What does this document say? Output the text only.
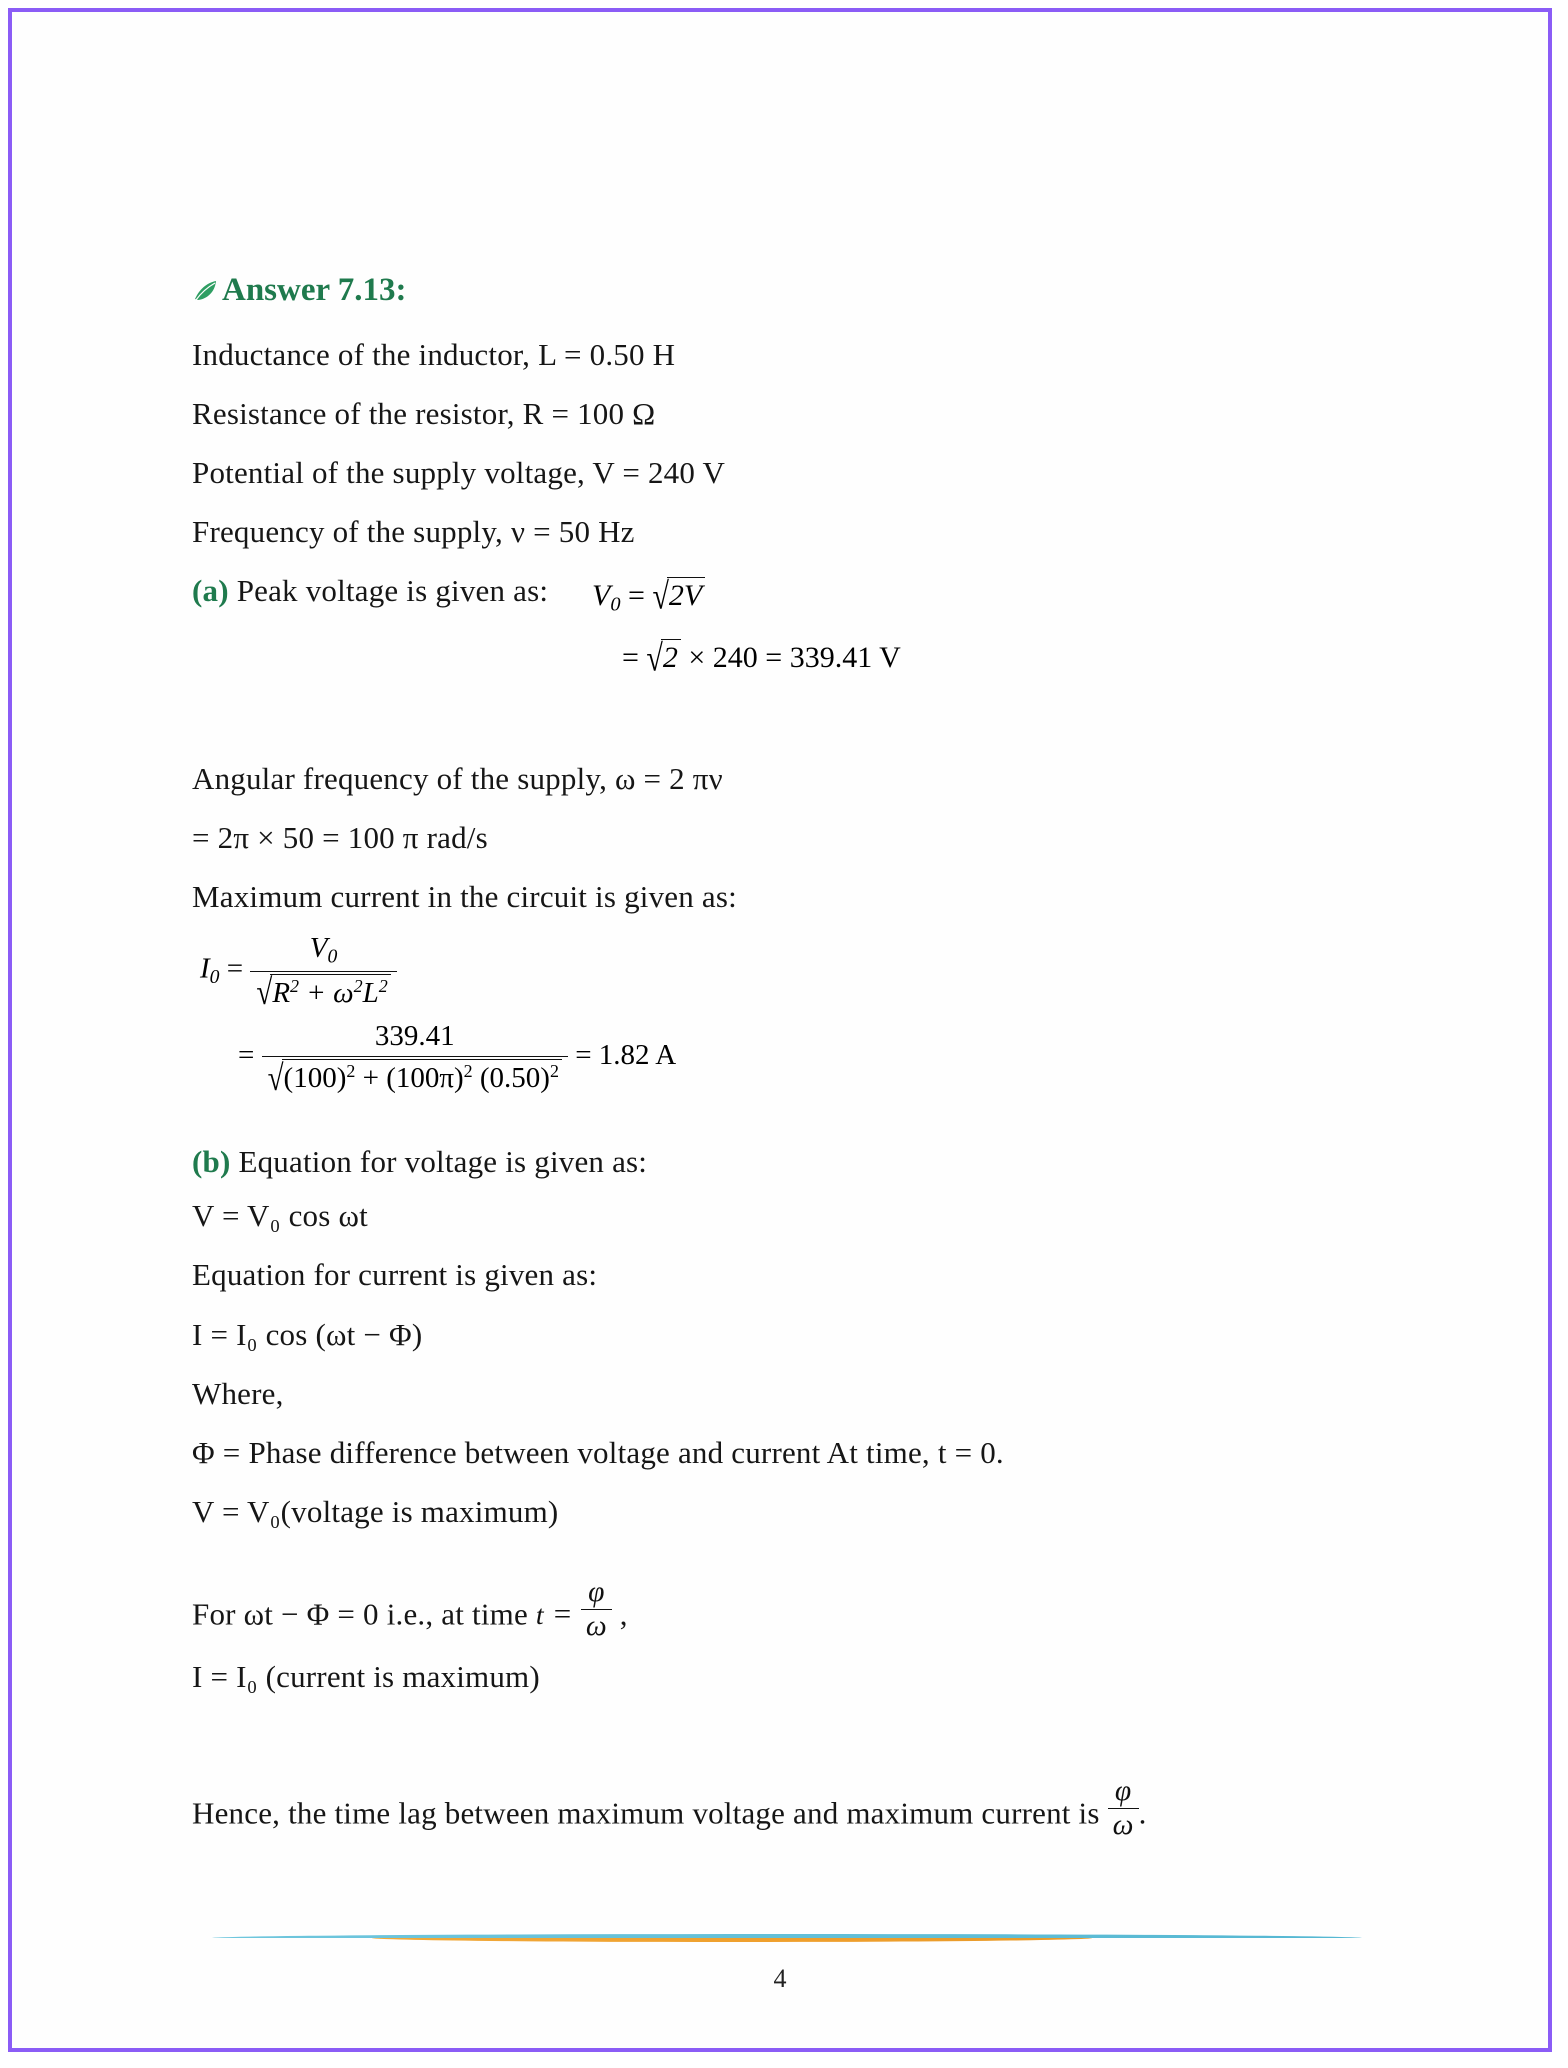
Answer 7.13:
Inductance of the inductor, L = 0.50 H
Resistance of the resistor, R = 100 Ω
Potential of the supply voltage, V = 240 V
Frequency of the supply, ν = 50 Hz
(a) Peak voltage is given as:	$V_0 = √2V$
= √2 × 240 = 339.41 V
Angular frequency of the supply, ω = 2 πν
= 2π × 50 = 100 π rad/s
Maximum current in the circuit is given as:
$I_0 = \frac{V_0}{√R^2 + \omega^2L^2}$
= $\frac{339.41}{√(100)^2 + (100\pi)^2 (0.50)^2} = 1.82$ A
(b) Equation for voltage is given as:
V = V₀ cos ωt
Equation for current is given as:
I = I₀ cos (ωt − Φ)
Where,
Φ = Phase difference between voltage and current At time, t = 0.
V = V₀(voltage is maximum)
For ωt − Φ = 0 i.e., at time $t = \frac{\varphi}{\omega}$ ,
I = I₀ (current is maximum)
Hence, the time lag between maximum voltage and maximum current is $\frac{\varphi}{\omega}$ .
4
